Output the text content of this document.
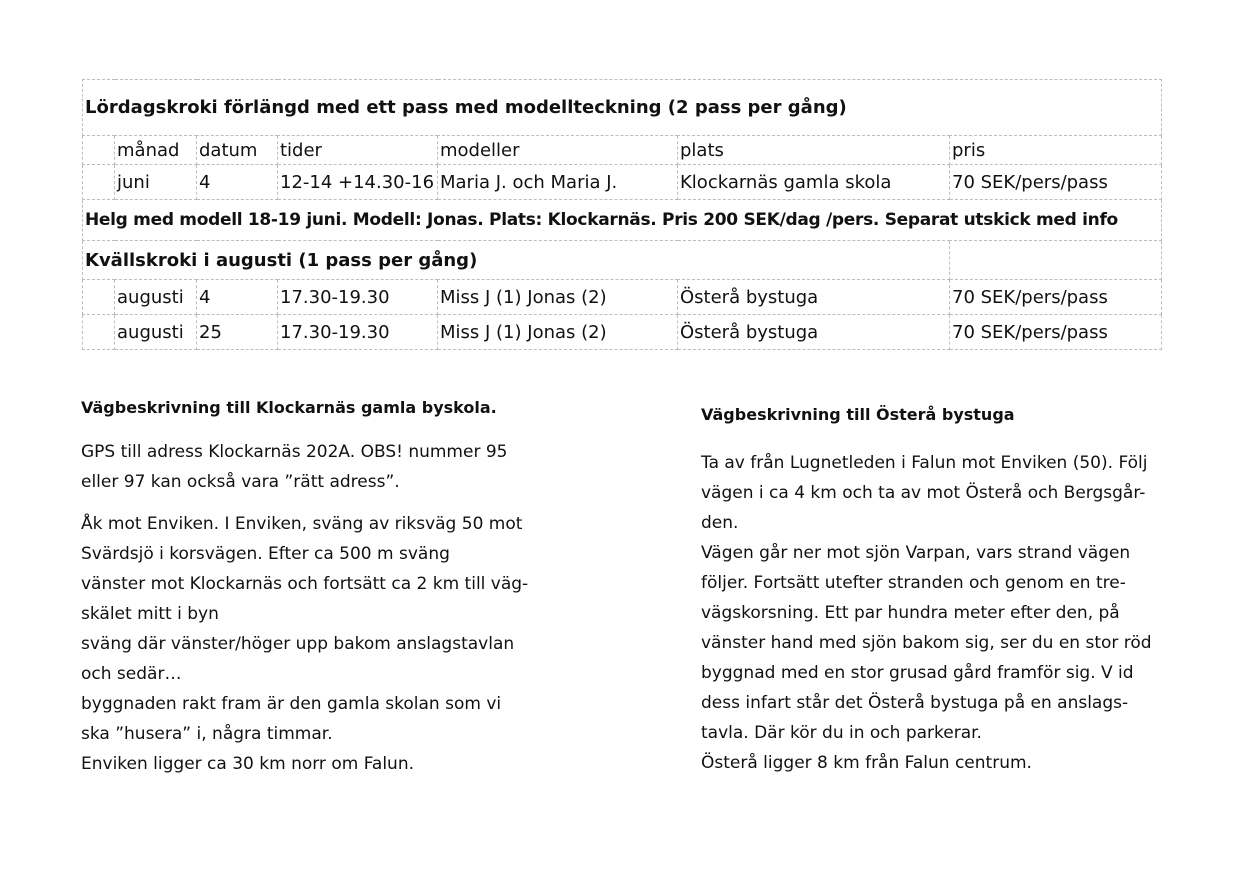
Lördagskroki förlängd med ett pass med modellteckning (2 pass per gång)						
	månad	datum	tider	modeller	plats	pris
	juni	4	12-14 +14.30-16	Maria J. och Maria J.	Klockarnäs gamla skola	70 SEK/pers/pass
Helg med modell 18-19 juni. Modell: Jonas. Plats: Klockarnäs. Pris 200 SEK/dag /pers. Separat utskick med info						
Kvällskroki i augusti (1 pass per gång)						
	augusti	4	17.30-19.30	Miss J (1) Jonas (2)	Österå bystuga	70 SEK/pers/pass
	augusti	25	17.30-19.30	Miss J (1) Jonas (2)	Österå bystuga	70 SEK/pers/pass
Vägbeskrivning till Klockarnäs gamla byskola.

GPS till adress Klockarnäs 202A. OBS! nummer 95
eller 97 kan också vara ”rätt adress”.

Åk mot Enviken. I Enviken, sväng av riksväg 50 mot
Svärdsjö i korsvägen. Efter ca 500 m sväng
vänster mot Klockarnäs och fortsätt ca 2 km till väg-
skälet mitt i byn
sväng där vänster/höger upp bakom anslagstavlan
och sedär…
byggnaden rakt fram är den gamla skolan som vi
ska ”husera” i, några timmar.
Enviken ligger ca 30 km norr om Falun.

Vägbeskrivning till Österå bystuga

Ta av från Lugnetleden i Falun mot Enviken (50). Följ
vägen i ca 4 km och ta av mot Österå och Bergsgår-
den.
Vägen går ner mot sjön Varpan, vars strand vägen
följer. Fortsätt utefter stranden och genom en tre-
vägskorsning. Ett par hundra meter efter den, på
vänster hand med sjön bakom sig, ser du en stor röd
byggnad med en stor grusad gård framför sig. V id
dess infart står det Österå bystuga på en anslags-
tavla. Där kör du in och parkerar.
Österå ligger 8 km från Falun centrum.
